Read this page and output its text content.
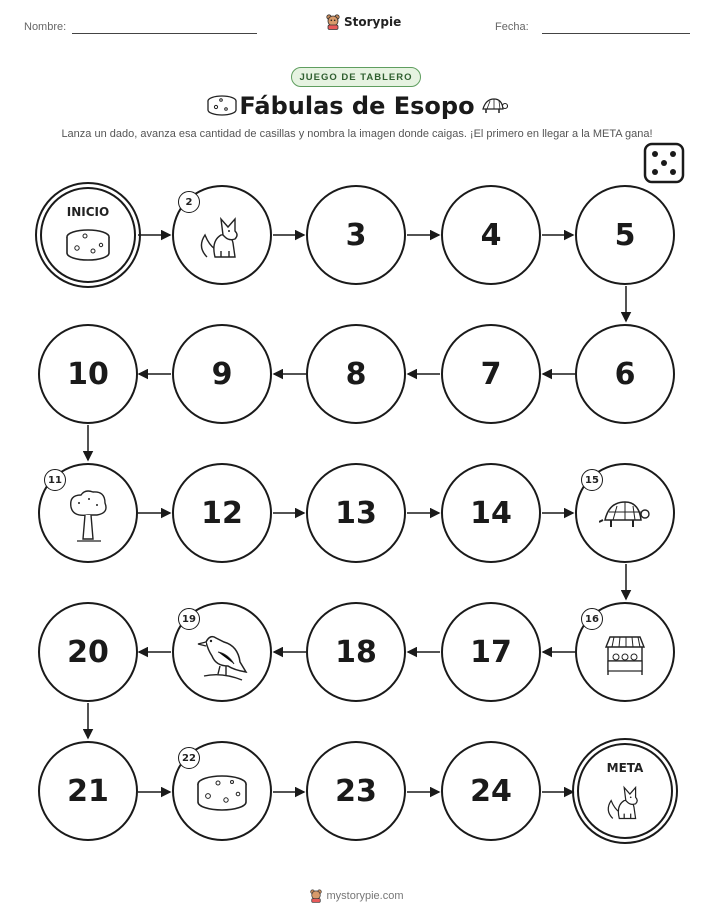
Nombre:	Storypie	Fecha:
JUEGO DE TABLERO
Fábulas de Esopo
Lanza un dado, avanza esa cantidad de casillas y nombra la imagen donde caigas. ¡El primero en llegar a la META gana!
INICIO
2
3	4	5
6
7
8
9
10
11
12	13	14
15
16
17
18
19
20
21
22
23	24
META
mystorypie.com
